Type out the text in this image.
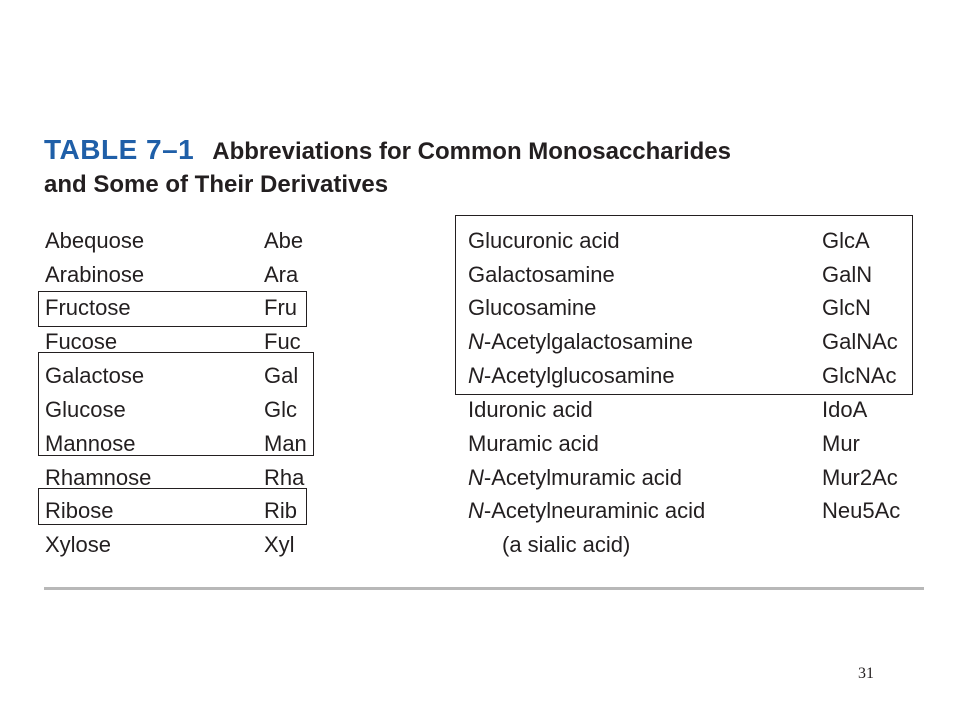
TABLE 7–1 Abbreviations for Common Monosaccharides
and Some of Their Derivatives
Abequose	Abe
Arabinose	Ara
Fructose	Fru
Fucose	Fuc
Galactose	Gal
Glucose	Glc
Mannose	Man
Rhamnose	Rha
Ribose	Rib
Xylose	Xyl
Glucuronic acid	GlcA
Galactosamine	GalN
Glucosamine	GlcN
N-Acetylgalactosamine	GalNAc
N-Acetylglucosamine	GlcNAc
Iduronic acid	IdoA
Muramic acid	Mur
N-Acetylmuramic acid	Mur2Ac
N-Acetylneuraminic acid	Neu5Ac
(a sialic acid)
31
